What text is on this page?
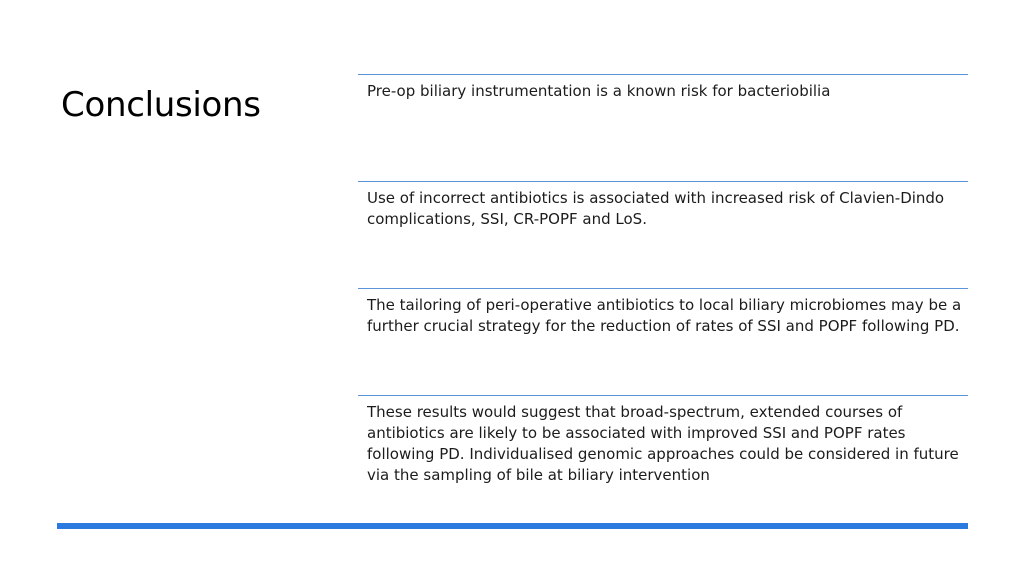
Conclusions	Pre-op biliary instrumentation is a known risk for bacteriobilia
Use of incorrect antibiotics is associated with increased risk of Clavien-Dindo complications, SSI, CR-POPF and LoS.
The tailoring of peri-operative antibiotics to local biliary microbiomes may be a further crucial strategy for the reduction of rates of SSI and POPF following PD.
These results would suggest that broad-spectrum, extended courses of antibiotics are likely to be associated with improved SSI and POPF rates following PD. Individualised genomic approaches could be considered in future via the sampling of bile at biliary intervention
